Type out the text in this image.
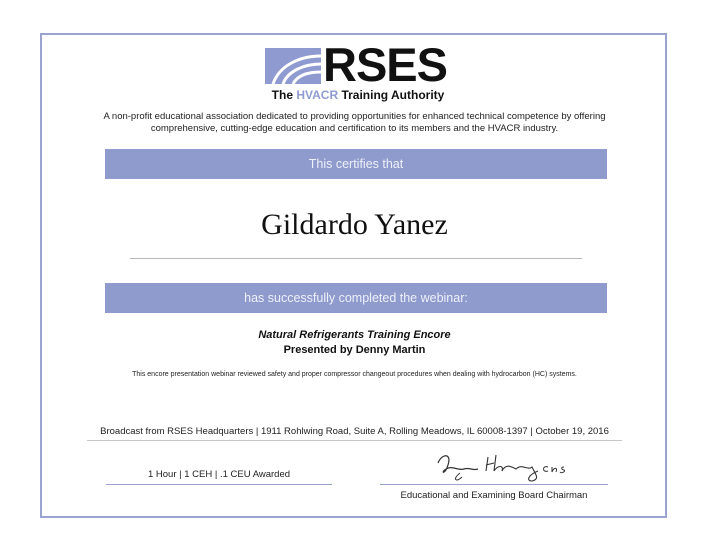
RSES
The HVACR Training Authority
A non-profit educational association dedicated to providing opportunities for enhanced technical competence by offering comprehensive, cutting-edge education and certification to its members and the HVACR industry.
This certifies that
Gildardo Yanez
has successfully completed the webinar:
Natural Refrigerants Training Encore
Presented by Denny Martin
This encore presentation webinar reviewed safety and proper compressor changeout procedures when dealing with hydrocarbon (HC) systems.
Broadcast from RSES Headquarters | 1911 Rohlwing Road, Suite A, Rolling Meadows, IL 60008-1397 | October 19, 2016
1 Hour | 1 CEH | .1 CEU Awarded
Educational and Examining Board Chairman
